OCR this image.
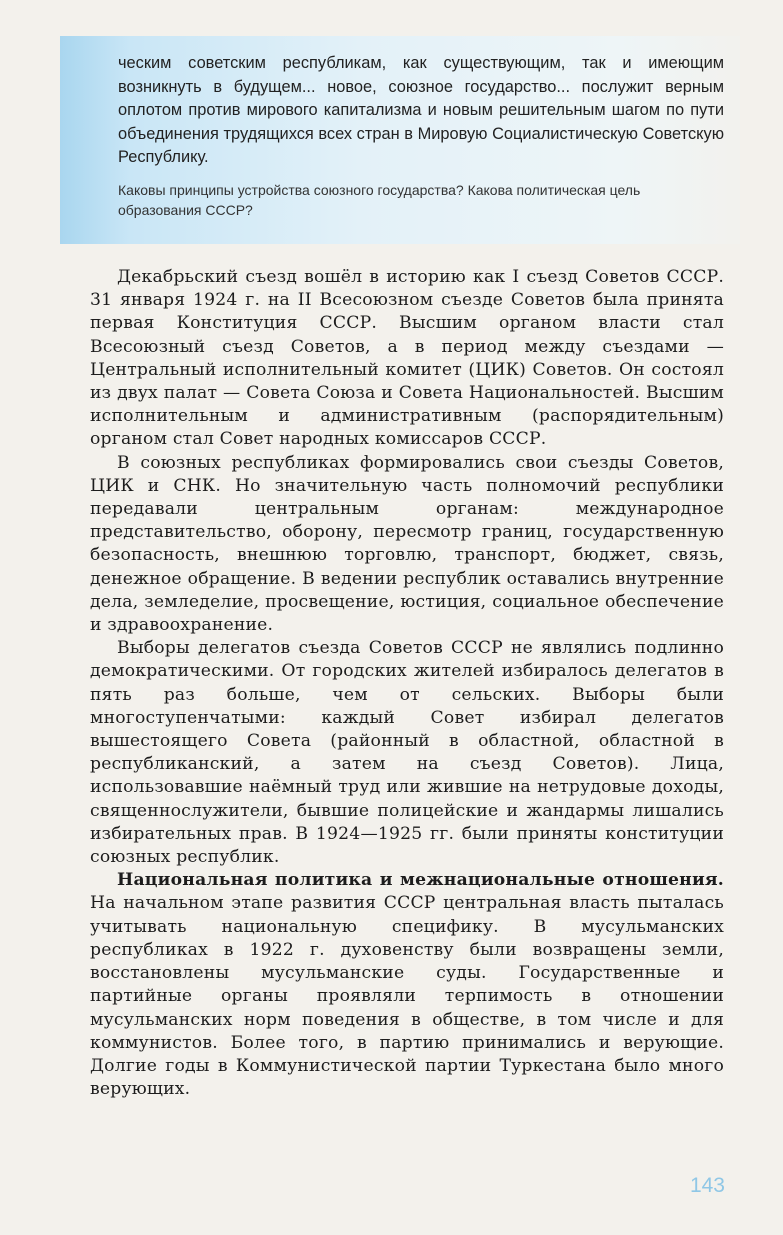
ческим советским республикам, как существующим, так и имеющим возникнуть в будущем... новое, союзное государство... послужит верным оплотом против мирового капитализма и новым решительным шагом по пути объединения трудящихся всех стран в Мировую Социалистическую Советскую Республику.

Каковы принципы устройства союзного государства? Какова политическая цель образования СССР?

Декабрьский съезд вошёл в историю как I съезд Советов СССР. 31 января 1924 г. на II Всесоюзном съезде Советов была принята первая Конституция СССР. Высшим органом власти стал Всесоюзный съезд Советов, а в период между съездами — Центральный исполнительный комитет (ЦИК) Советов. Он состоял из двух палат — Совета Союза и Совета Национальностей. Высшим исполнительным и административным (распорядительным) органом стал Совет народных комиссаров СССР.

В союзных республиках формировались свои съезды Советов, ЦИК и СНК. Но значительную часть полномочий республики передавали центральным органам: международное представительство, оборону, пересмотр границ, государственную безопасность, внешнюю торговлю, транспорт, бюджет, связь, денежное обращение. В ведении республик оставались внутренние дела, земледелие, просвещение, юстиция, социальное обеспечение и здравоохранение.

Выборы делегатов съезда Советов СССР не являлись подлинно демократическими. От городских жителей избиралось делегатов в пять раз больше, чем от сельских. Выборы были многоступенчатыми: каждый Совет избирал делегатов вышестоящего Совета (районный в областной, областной в республиканский, а затем на съезд Советов). Лица, использовавшие наёмный труд или жившие на нетрудовые доходы, священнослужители, бывшие полицейские и жандармы лишались избирательных прав. В 1924—1925 гг. были приняты конституции союзных республик.

Национальная политика и межнациональные отношения. На начальном этапе развития СССР центральная власть пыталась учитывать национальную специфику. В мусульманских республиках в 1922 г. духовенству были возвращены земли, восстановлены мусульманские суды. Государственные и партийные органы проявляли терпимость в отношении мусульманских норм поведения в обществе, в том числе и для коммунистов. Более того, в партию принимались и верующие. Долгие годы в Коммунистической партии Туркестана было много верующих.

143
